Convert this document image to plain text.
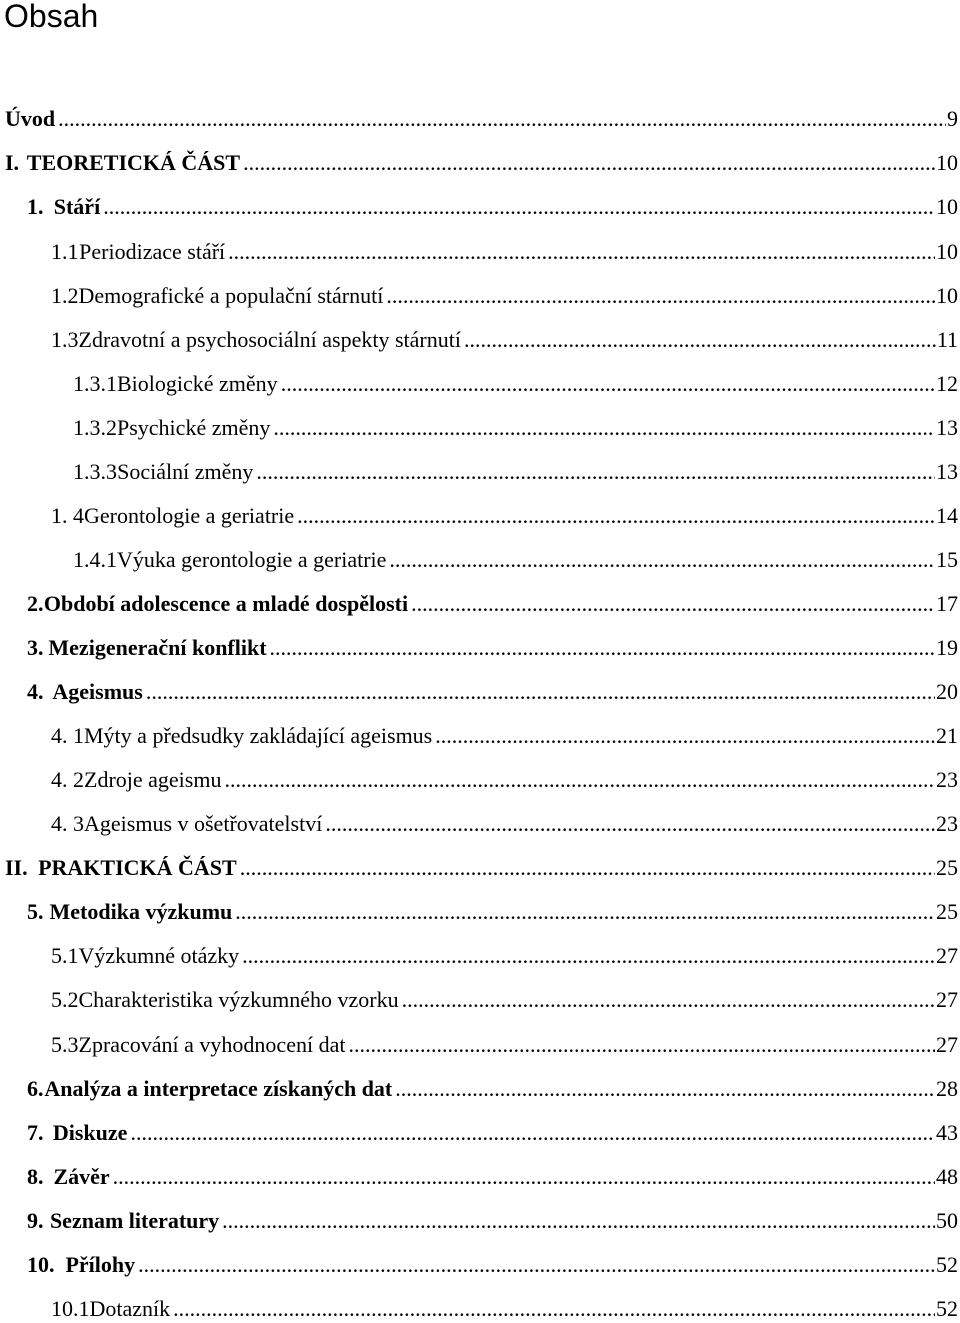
Obsah
Úvod .....	9
I. TEORETICKÁ ČÁST .....	10
1. Stáří .....	10
1.1 Periodizace stáří .....	10
1.2 Demografické a populační stárnutí .....	10
1.3 Zdravotní a psychosociální aspekty stárnutí .....	11
1.3.1 Biologické změny .....	12
1.3.2 Psychické změny .....	13
1.3.3 Sociální změny .....	13
1. 4 Gerontologie a geriatrie .....	14
1.4.1 Výuka gerontologie a geriatrie .....	15
2. Období adolescence a mladé dospělosti .....	17
3. Mezigenerační konflikt .....	19
4. Ageismus .....	20
4. 1 Mýty a předsudky zakládající ageismus .....	21
4. 2 Zdroje ageismu .....	23
4. 3 Ageismus v ošetřovatelství .....	23
II. PRAKTICKÁ ČÁST .....	25
5. Metodika výzkumu .....	25
5.1 Výzkumné otázky .....	27
5.2 Charakteristika výzkumného vzorku .....	27
5.3 Zpracování a vyhodnocení dat .....	27
6. Analýza a interpretace získaných dat .....	28
7. Diskuze .....	43
8. Závěr .....	48
9. Seznam literatury .....	50
10. Přílohy .....	52
10.1 Dotazník .....	52
